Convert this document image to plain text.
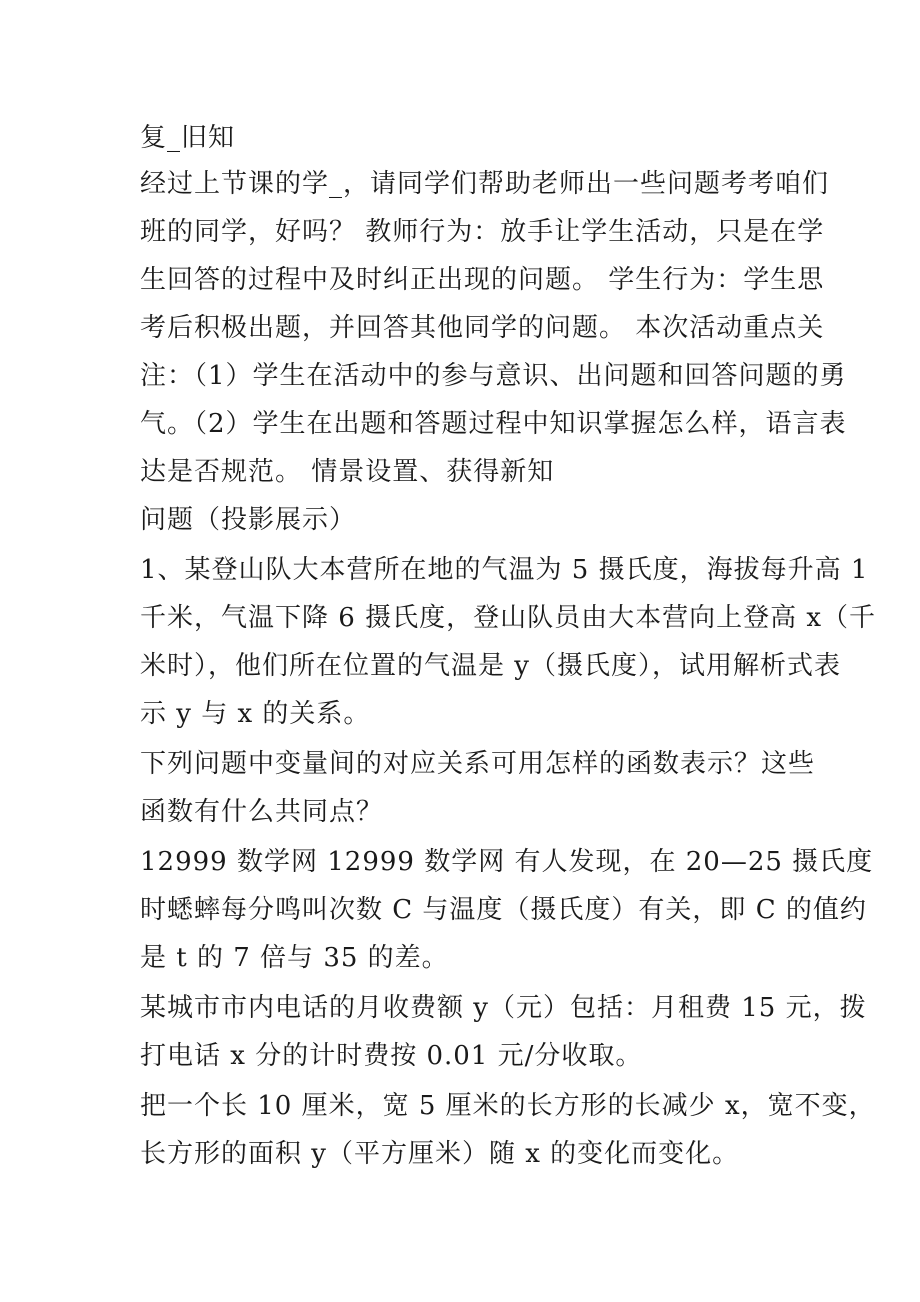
复_旧知
经过上节课的学_，请同学们帮助老师出一些问题考考咱们
班的同学，好吗？ 教师行为：放手让学生活动，只是在学
生回答的过程中及时纠正出现的问题。 学生行为：学生思
考后积极出题，并回答其他同学的问题。 本次活动重点关
注：（1）学生在活动中的参与意识、出问题和回答问题的勇
气。（2）学生在出题和答题过程中知识掌握怎么样，语言表
达是否规范。 情景设置、获得新知
问题（投影展示）
1、某登山队大本营所在地的气温为 5 摄氏度，海拔每升高 1
千米，气温下降 6 摄氏度，登山队员由大本营向上登高 x（千
米时），他们所在位置的气温是 y（摄氏度），试用解析式表
示 y 与 x 的关系。
下列问题中变量间的对应关系可用怎样的函数表示？这些
函数有什么共同点？
12999 数学网 12999 数学网 有人发现，在 20—25 摄氏度
时蟋蟀每分鸣叫次数 C 与温度（摄氏度）有关，即 C 的值约
是 t 的 7 倍与 35 的差。
某城市市内电话的月收费额 y（元）包括：月租费 15 元，拨
打电话 x 分的计时费按 0.01 元/分收取。
把一个长 10 厘米，宽 5 厘米的长方形的长减少 x，宽不变，
长方形的面积 y（平方厘米）随 x 的变化而变化。
